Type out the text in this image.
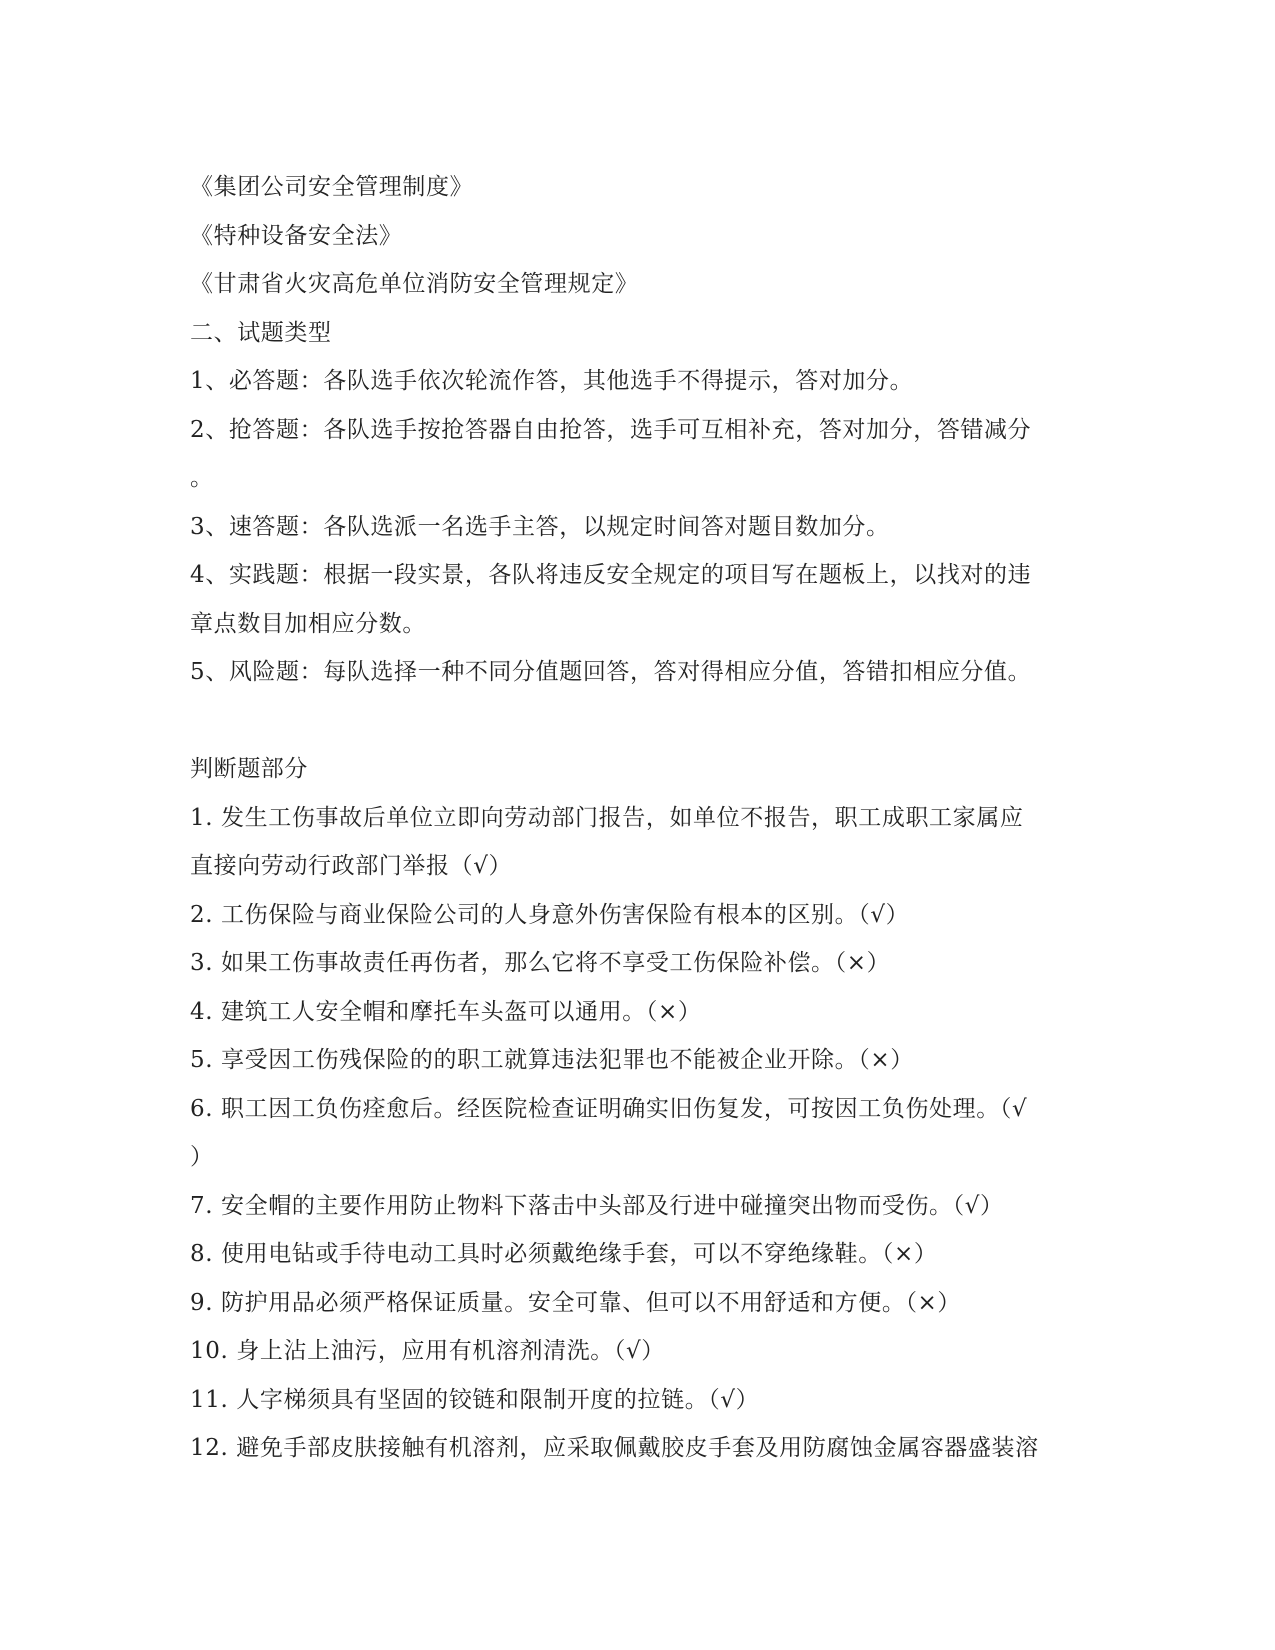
《集团公司安全管理制度》
《特种设备安全法》
《甘肃省火灾高危单位消防安全管理规定》
二、试题类型
1、必答题：各队选手依次轮流作答，其他选手不得提示，答对加分。
2、抢答题：各队选手按抢答器自由抢答，选手可互相补充，答对加分，答错减分
。
3、速答题：各队选派一名选手主答，以规定时间答对题目数加分。
4、实践题：根据一段实景，各队将违反安全规定的项目写在题板上，以找对的违
章点数目加相应分数。
5、风险题：每队选择一种不同分值题回答，答对得相应分值，答错扣相应分值。
判断题部分
1. 发生工伤事故后单位立即向劳动部门报告，如单位不报告，职工成职工家属应
直接向劳动行政部门举报（√）
2. 工伤保险与商业保险公司的人身意外伤害保险有根本的区别。（√）
3. 如果工伤事故责任再伤者，那么它将不享受工伤保险补偿。（×）
4. 建筑工人安全帽和摩托车头盔可以通用。（×）
5. 享受因工伤残保险的的职工就算违法犯罪也不能被企业开除。（×）
6. 职工因工负伤痊愈后。经医院检查证明确实旧伤复发，可按因工负伤处理。（√
）
7. 安全帽的主要作用防止物料下落击中头部及行进中碰撞突出物而受伤。（√）
8. 使用电钻或手待电动工具时必须戴绝缘手套，可以不穿绝缘鞋。（×）
9. 防护用品必须严格保证质量。安全可靠、但可以不用舒适和方便。（×）
10. 身上沾上油污，应用有机溶剂清洗。（√）
11. 人字梯须具有坚固的铰链和限制开度的拉链。（√）
12. 避免手部皮肤接触有机溶剂，应采取佩戴胶皮手套及用防腐蚀金属容器盛装溶
